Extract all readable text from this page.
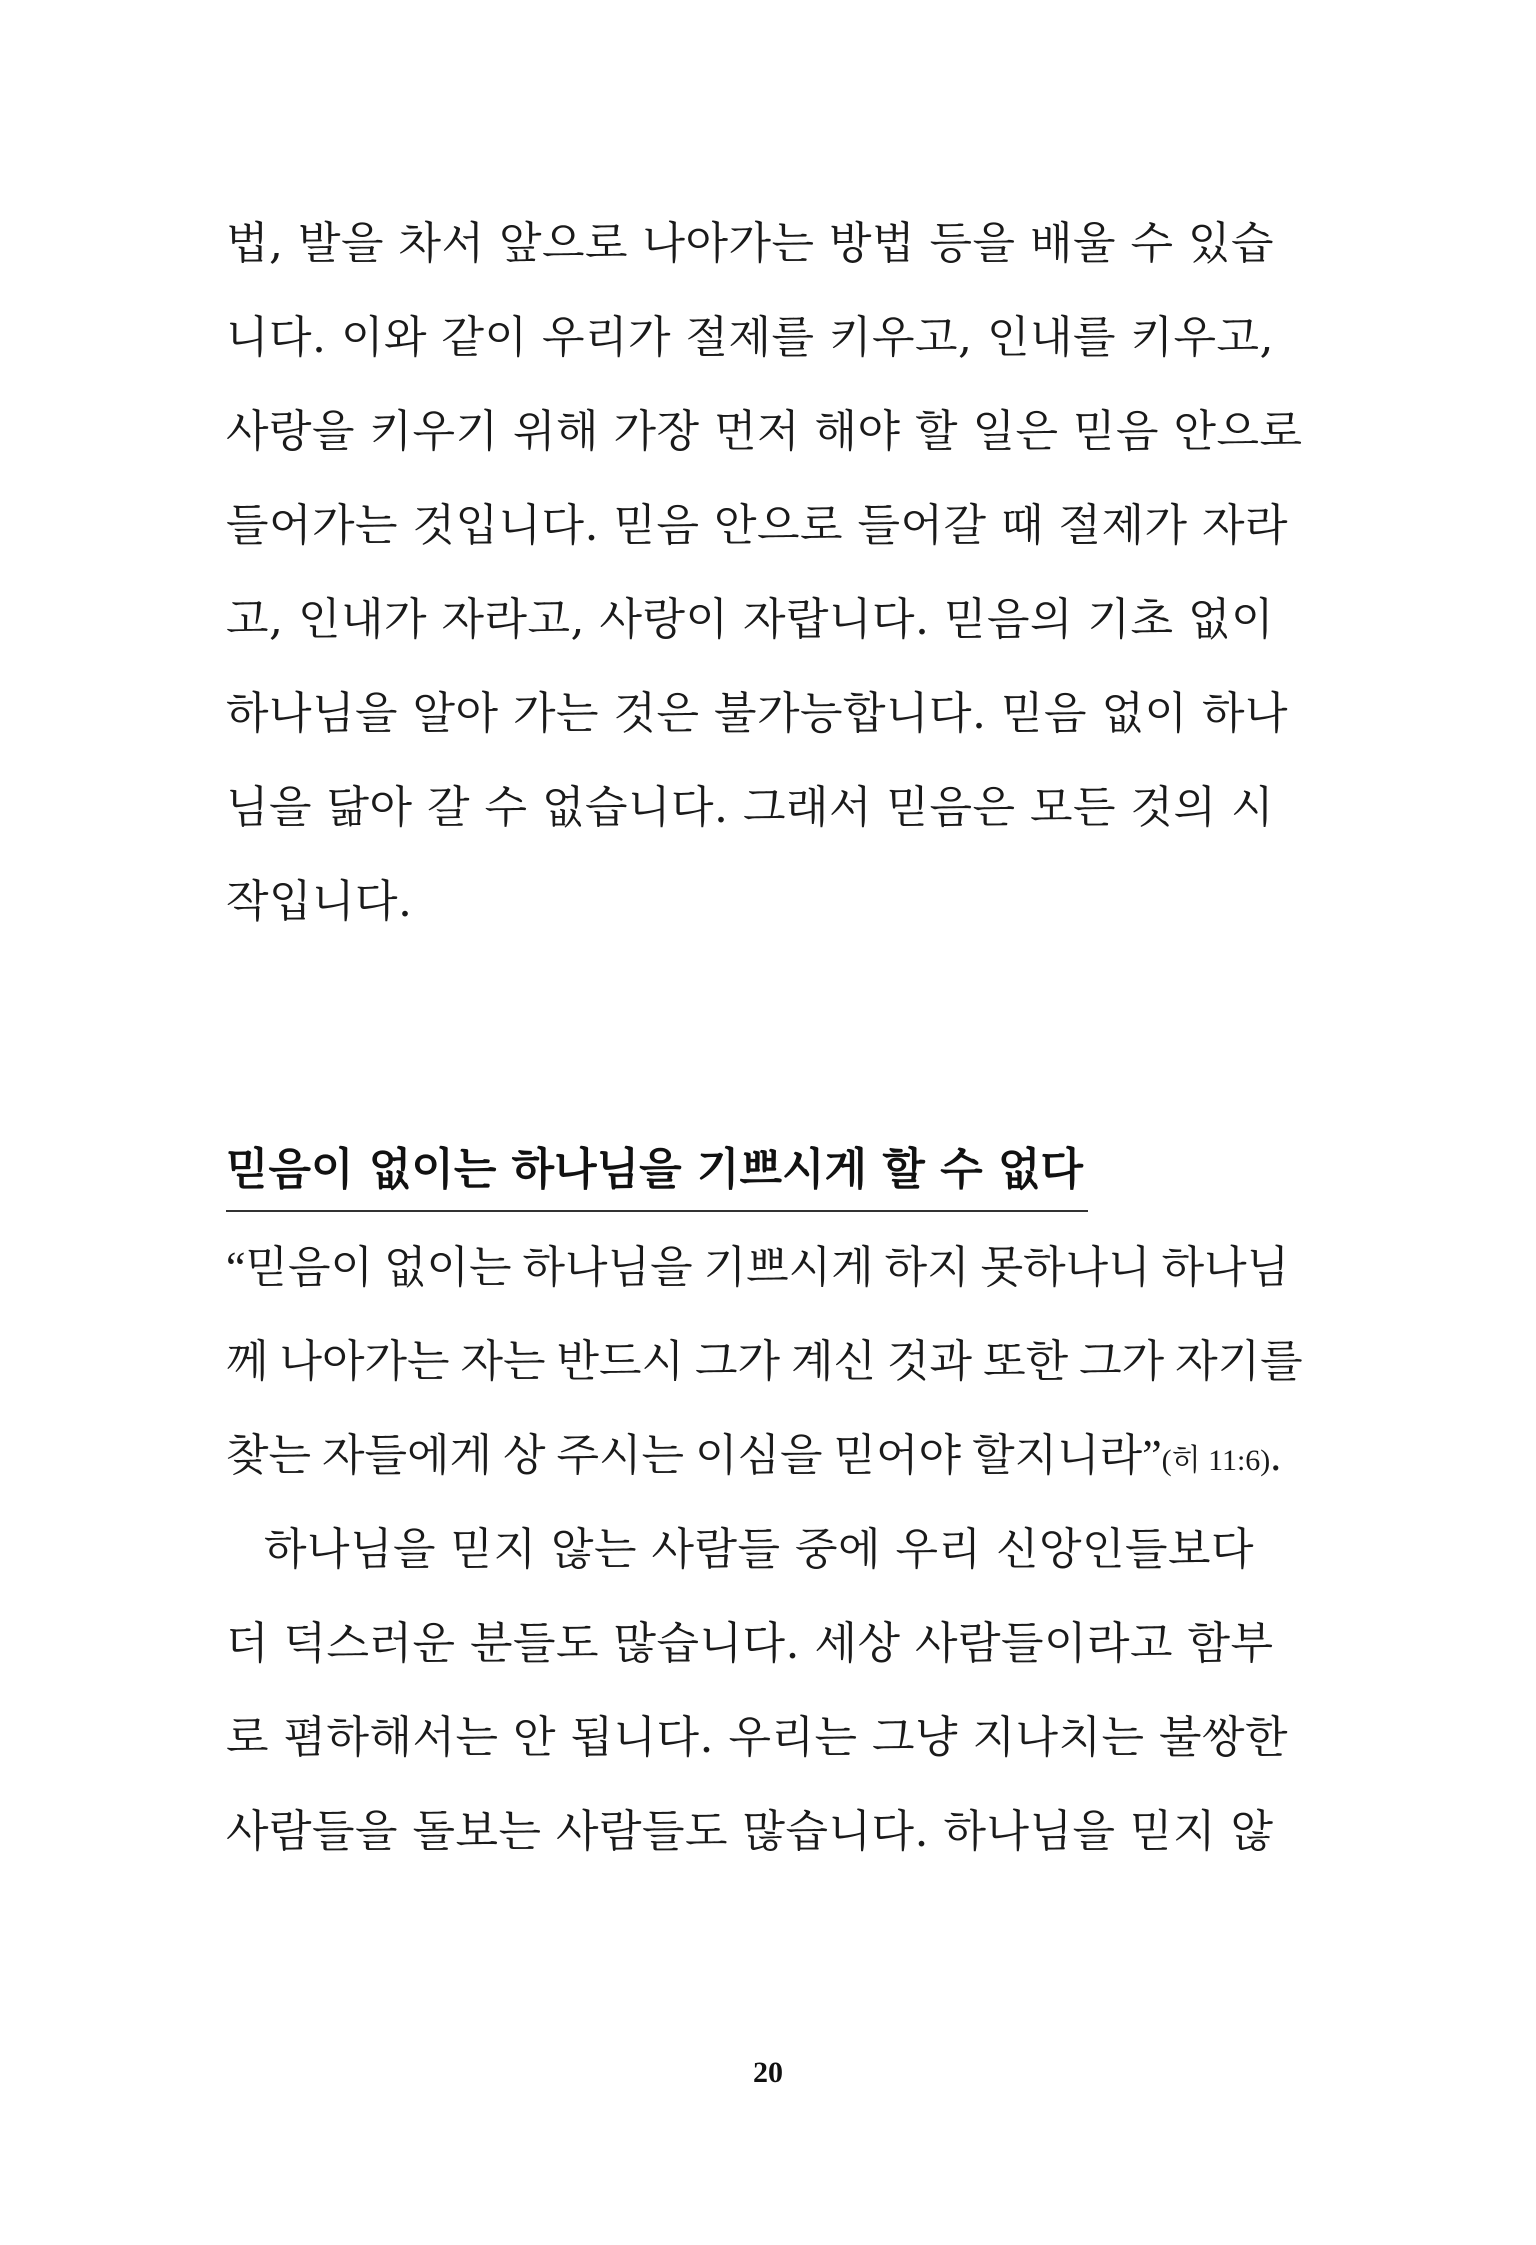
법, 발을 차서 앞으로 나아가는 방법 등을 배울 수 있습
니다. 이와 같이 우리가 절제를 키우고, 인내를 키우고,
사랑을 키우기 위해 가장 먼저 해야 할 일은 믿음 안으로
들어가는 것입니다. 믿음 안으로 들어갈 때 절제가 자라
고, 인내가 자라고, 사랑이 자랍니다. 믿음의 기초 없이
하나님을 알아 가는 것은 불가능합니다. 믿음 없이 하나
님을 닮아 갈 수 없습니다. 그래서 믿음은 모든 것의 시
작입니다.
믿음이 없이는 하나님을 기쁘시게 할 수 없다
“믿음이 없이는 하나님을 기쁘시게 하지 못하나니 하나님
께 나아가는 자는 반드시 그가 계신 것과 또한 그가 자기를
찾는 자들에게 상 주시는 이심을 믿어야 할지니라”(히 11:6).
하나님을 믿지 않는 사람들 중에 우리 신앙인들보다
더 덕스러운 분들도 많습니다. 세상 사람들이라고 함부
로 폄하해서는 안 됩니다. 우리는 그냥 지나치는 불쌍한
사람들을 돌보는 사람들도 많습니다. 하나님을 믿지 않
20
